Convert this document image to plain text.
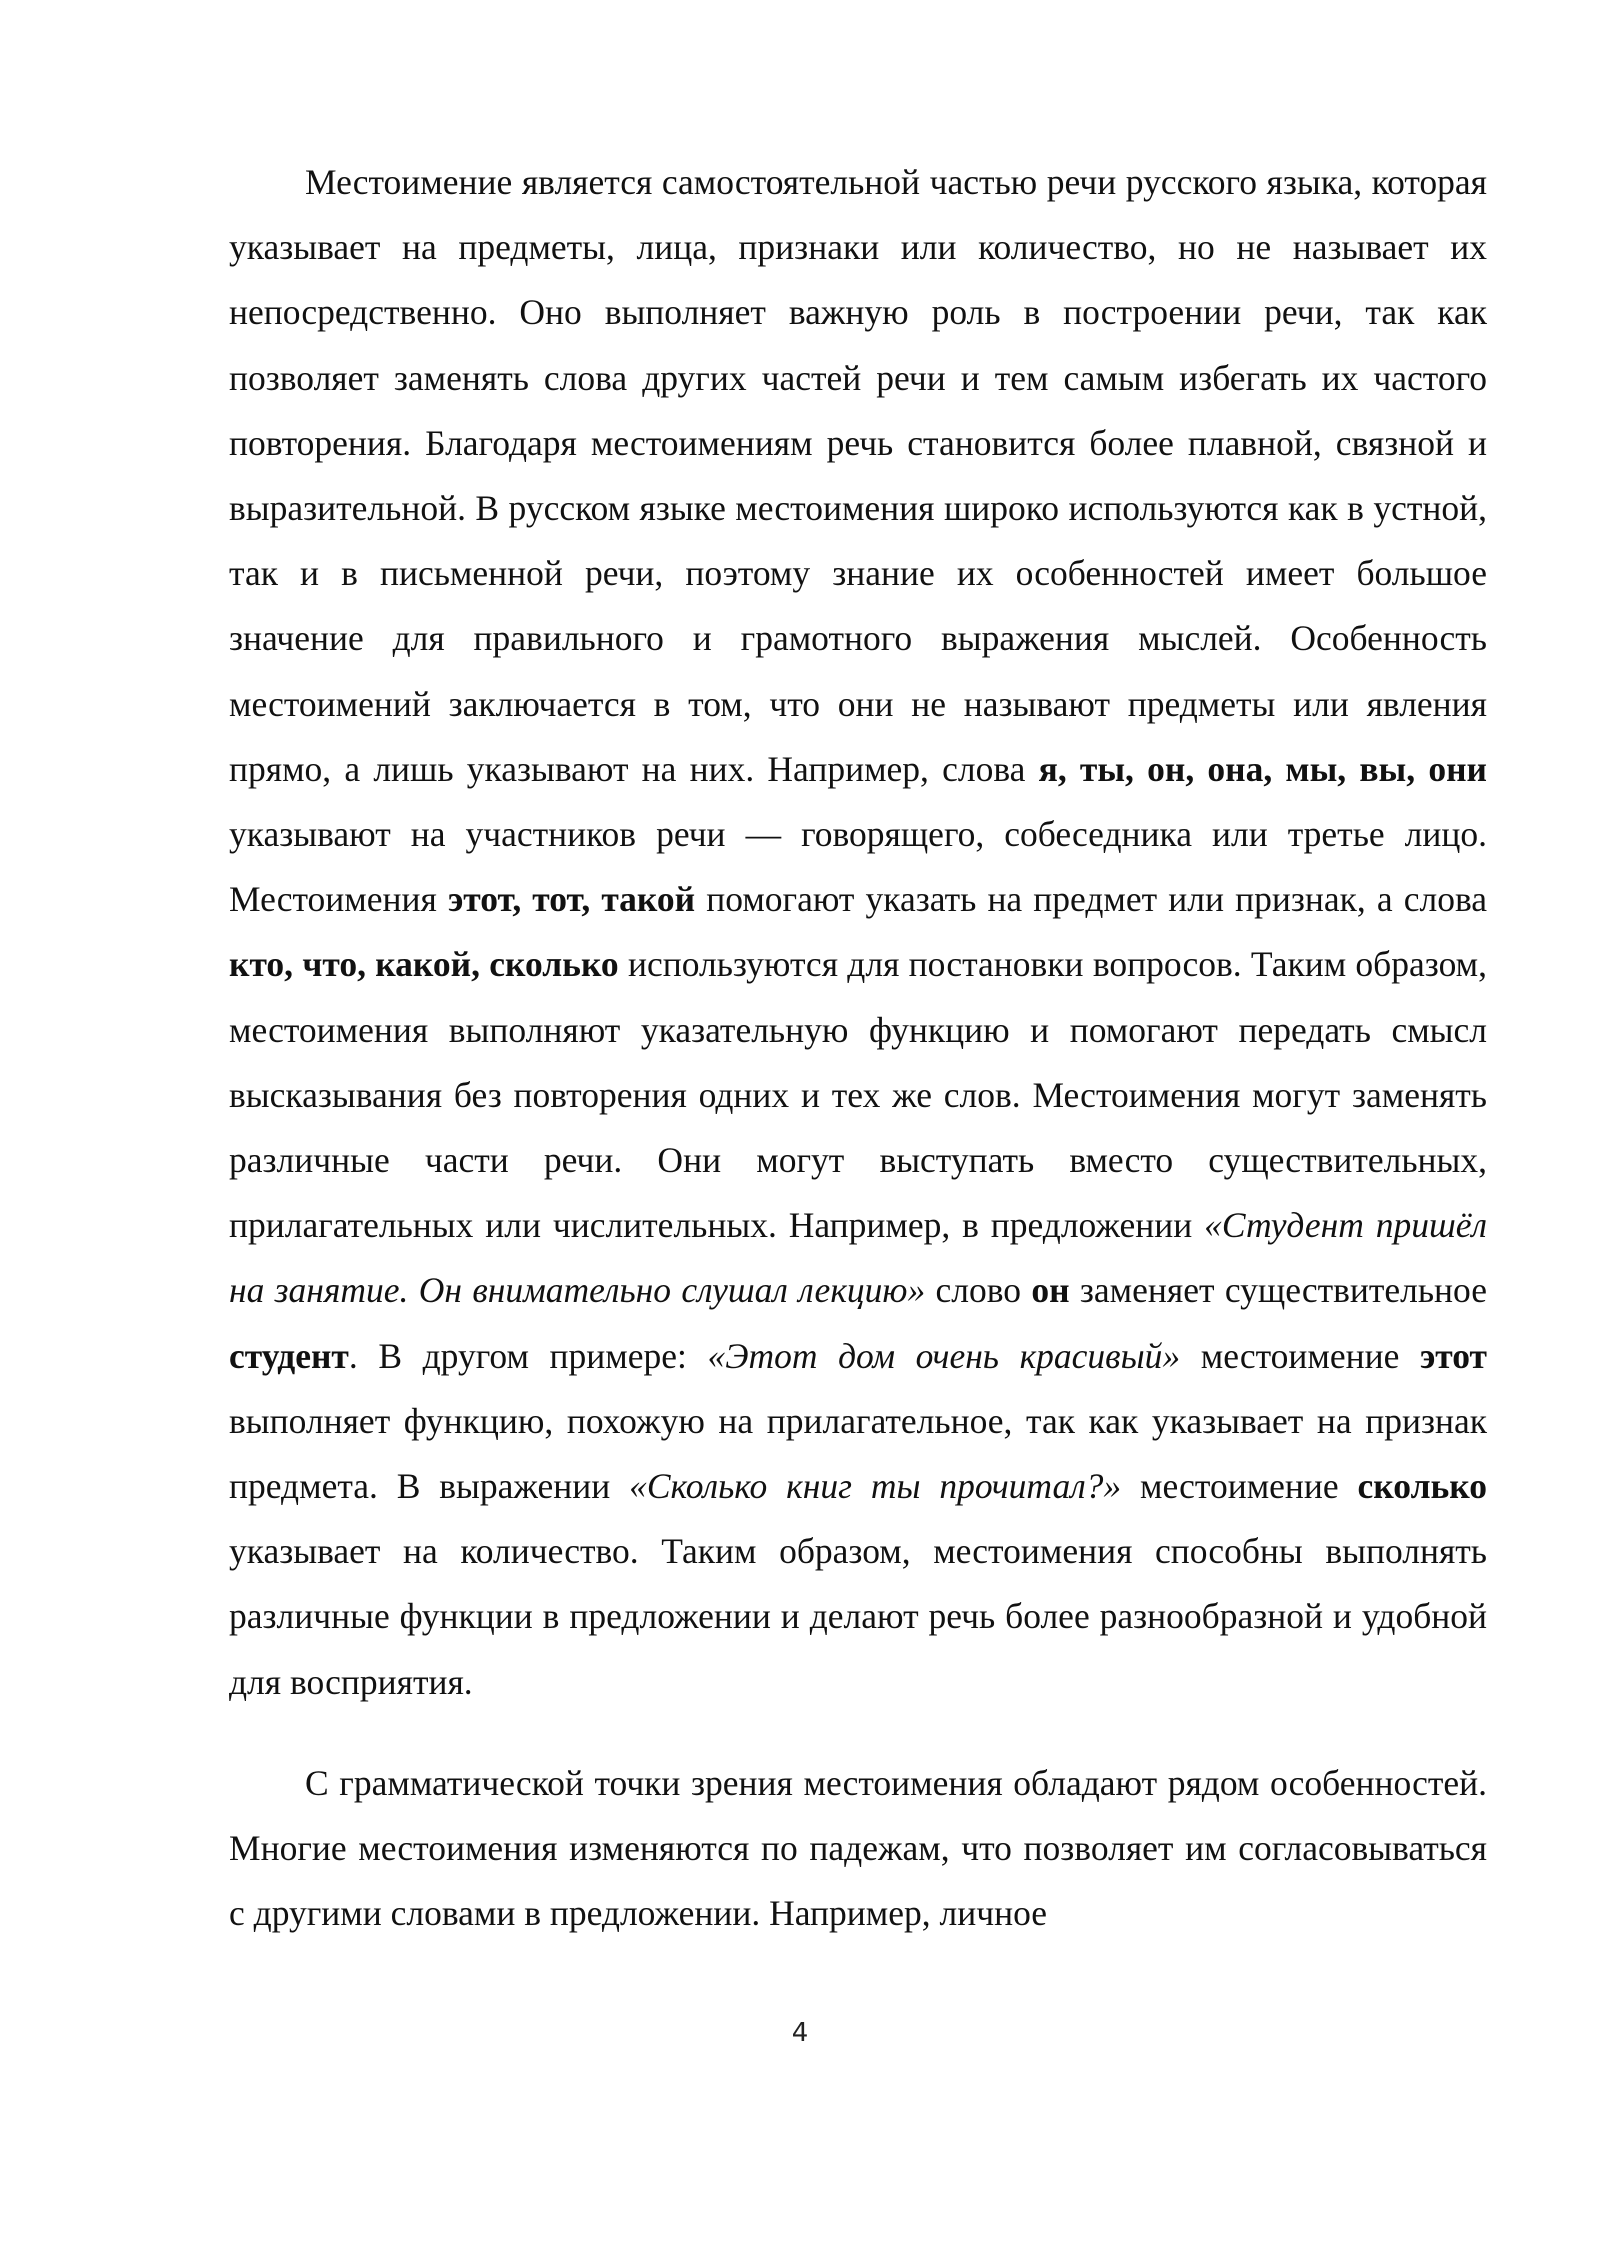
Местоимение является самостоятельной частью речи русского языка, которая указывает на предметы, лица, признаки или количество, но не называет их непосредственно. Оно выполняет важную роль в построении речи, так как позволяет заменять слова других частей речи и тем самым избегать их частого повторения. Благодаря местоимениям речь становится более плавной, связной и выразительной. В русском языке местоимения широко используются как в устной, так и в письменной речи, поэтому знание их особенностей имеет большое значение для правильного и грамотного выражения мыслей. Особенность местоимений заключается в том, что они не называют предметы или явления прямо, а лишь указывают на них. Например, слова я, ты, он, она, мы, вы, они указывают на участников речи — говорящего, собеседника или третье лицо. Местоимения этот, тот, такой помогают указать на предмет или признак, а слова кто, что, какой, сколько используются для постановки вопросов. Таким образом, местоимения выполняют указательную функцию и помогают передать смысл высказывания без повторения одних и тех же слов. Местоимения могут заменять различные части речи. Они могут выступать вместо существительных, прилагательных или числительных. Например, в предложении «Студент пришёл на занятие. Он внимательно слушал лекцию» слово он заменяет существительное студент. В другом примере: «Этот дом очень красивый» местоимение этот выполняет функцию, похожую на прилагательное, так как указывает на признак предмета. В выражении «Сколько книг ты прочитал?» местоимение сколько указывает на количество. Таким образом, местоимения способны выполнять различные функции в предложении и делают речь более разнообразной и удобной для восприятия.

С грамматической точки зрения местоимения обладают рядом особенностей. Многие местоимения изменяются по падежам, что позволяет им согласовываться с другими словами в предложении. Например, личное

4
